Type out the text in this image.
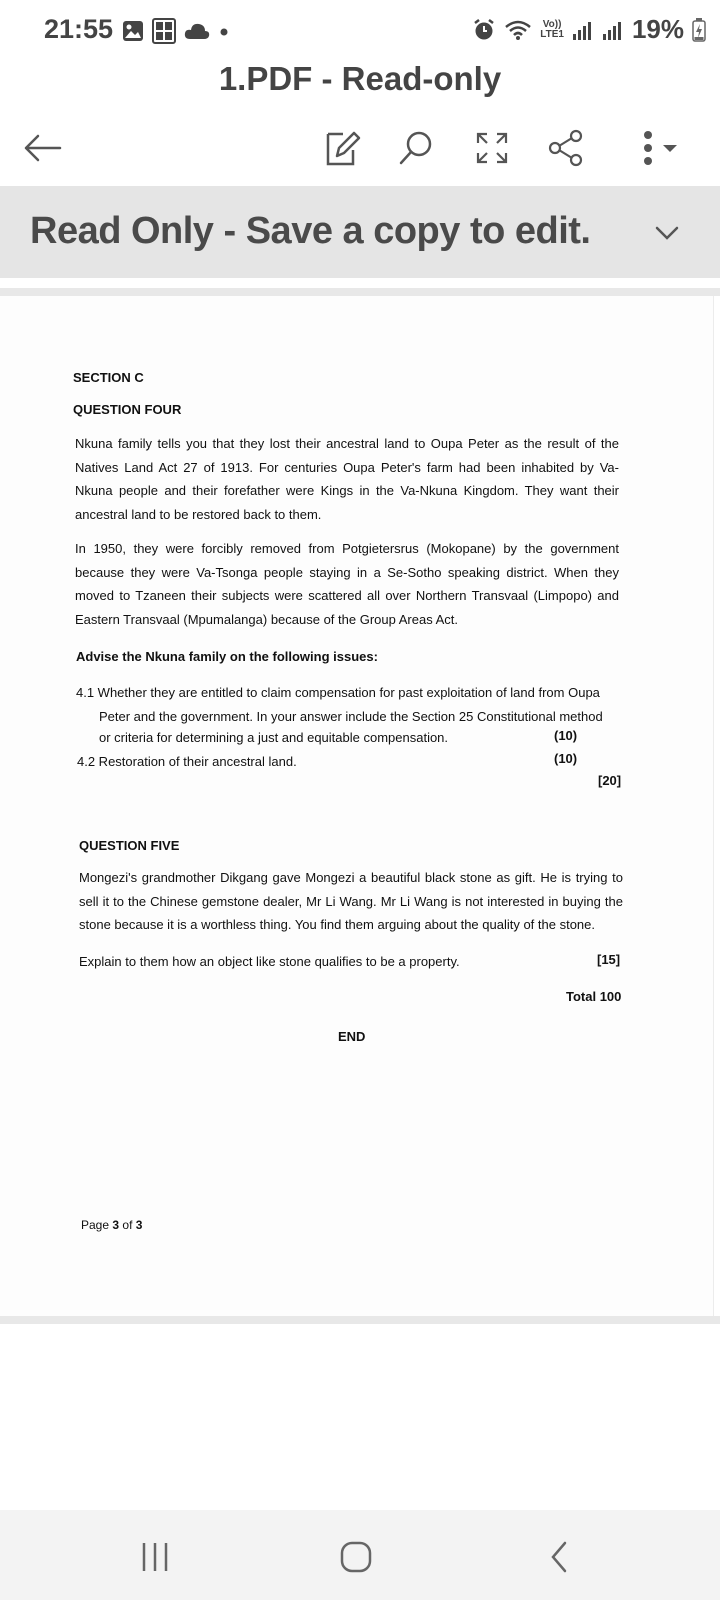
21:55	Vo))
LTE1	19%
1.PDF - Read-only
Read Only - Save a copy to edit.
SECTION C
QUESTION FOUR
Nkuna family tells you that they lost their ancestral land to Oupa Peter as the result of the Natives Land Act 27 of 1913. For centuries Oupa Peter's farm had been inhabited by Va-Nkuna people and their forefather were Kings in the Va-Nkuna Kingdom. They want their ancestral land to be restored back to them.
In 1950, they were forcibly removed from Potgietersrus (Mokopane) by the government because they were Va-Tsonga people staying in a Se-Sotho speaking district. When they moved to Tzaneen their subjects were scattered all over Northern Transvaal (Limpopo) and Eastern Transvaal (Mpumalanga) because of the Group Areas Act.
Advise the Nkuna family on the following issues:
4.1 Whether they are entitled to claim compensation for past exploitation of land from Oupa
Peter and the government. In your answer include the Section 25 Constitutional method
or criteria for determining a just and equitable compensation.	(10)
4.2 Restoration of their ancestral land.	(10)
[20]
QUESTION FIVE
Mongezi's grandmother Dikgang gave Mongezi a beautiful black stone as gift. He is trying to sell it to the Chinese gemstone dealer, Mr Li Wang. Mr Li Wang is not interested in buying the stone because it is a worthless thing. You find them arguing about the quality of the stone.
Explain to them how an object like stone qualifies to be a property.	[15]
Total 100
END
Page 3 of 3
